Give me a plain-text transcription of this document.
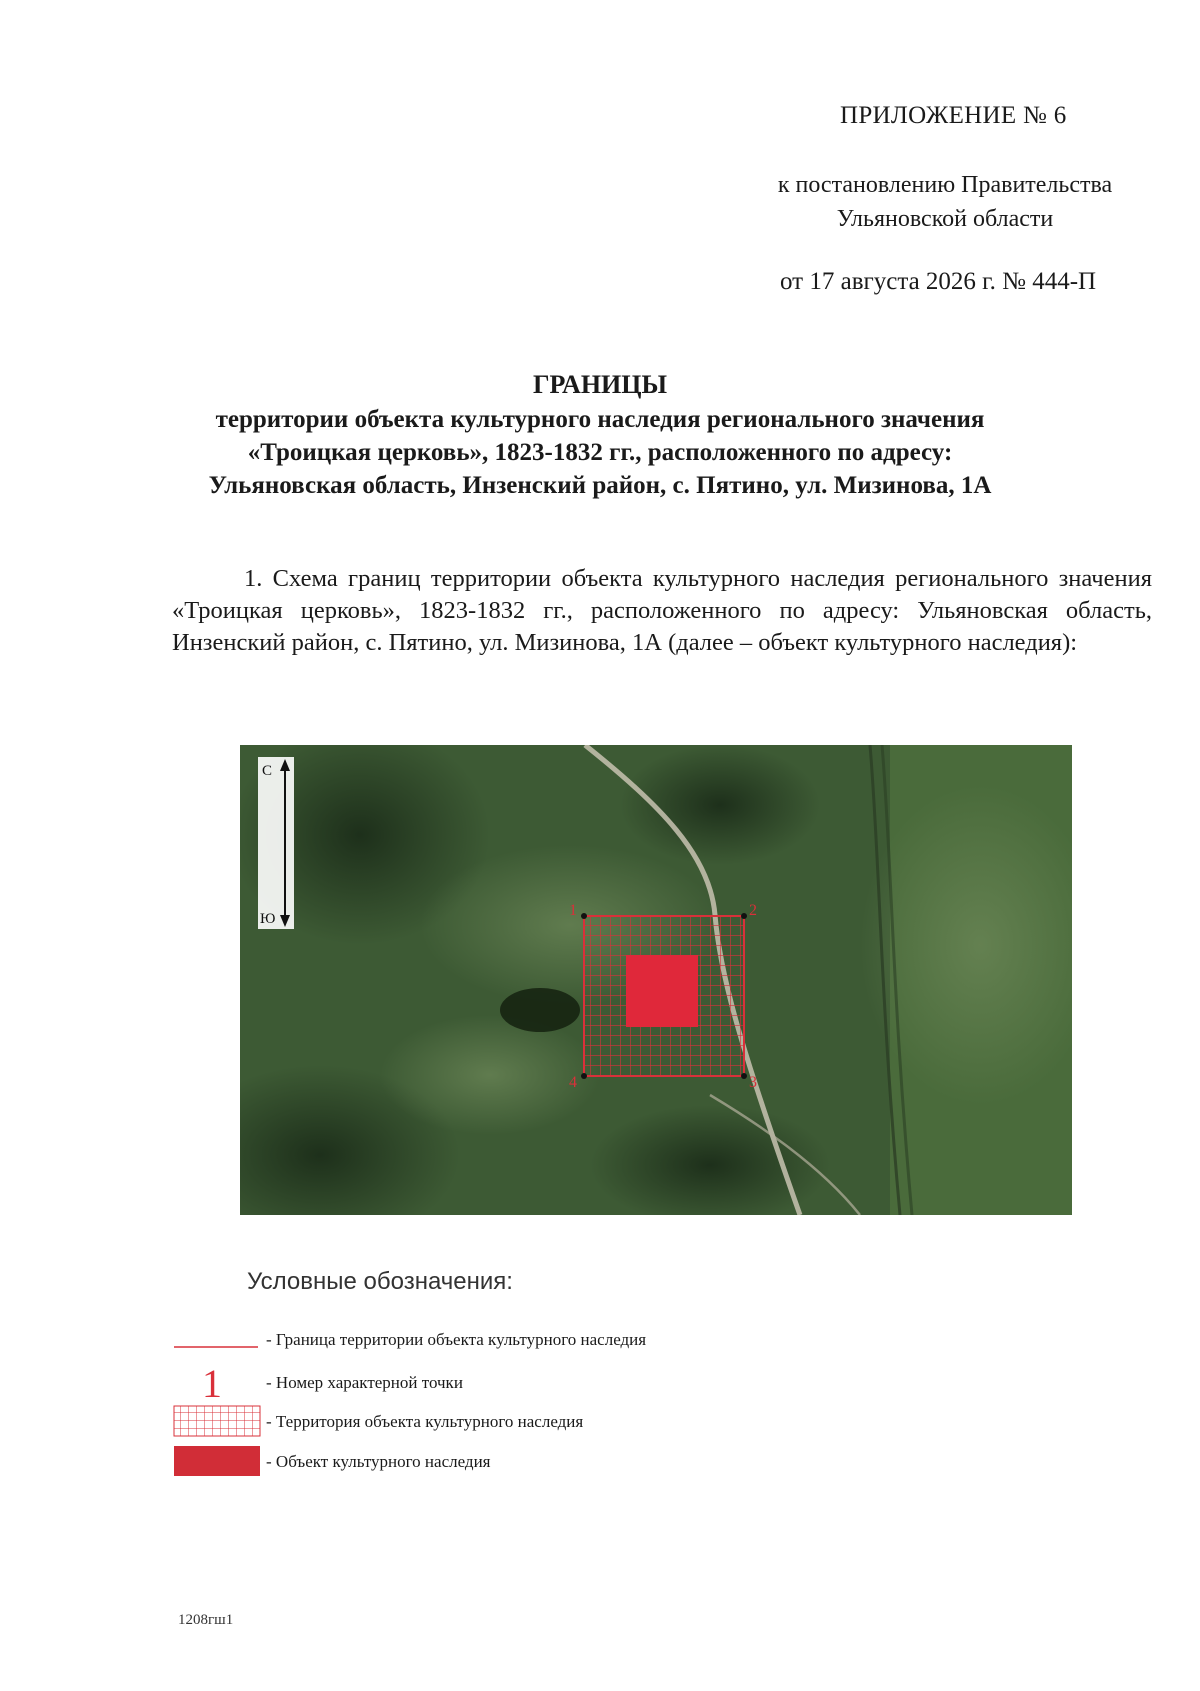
ПРИЛОЖЕНИЕ № 6
к постановлению Правительства
Ульяновской области
от 17 августа 2026 г. № 444-П
ГРАНИЦЫ
территории объекта культурного наследия регионального значения
«Троицкая церковь», 1823-1832 гг., расположенного по адресу:
Ульяновская область, Инзенский район, с. Пятино, ул. Мизинова, 1А
1. Схема границ территории объекта культурного наследия регионального значения «Троицкая церковь», 1823-1832 гг., расположенного по адресу: Ульяновская область, Инзенский район, с. Пятино, ул. Мизинова, 1А (далее – объект культурного наследия):
1	2
3
4
С
Ю
Условные обозначения:
- Граница территории объекта культурного наследия
1	- Номер характерной точки
- Территория объекта культурного наследия
- Объект культурного наследия
1208гш1
